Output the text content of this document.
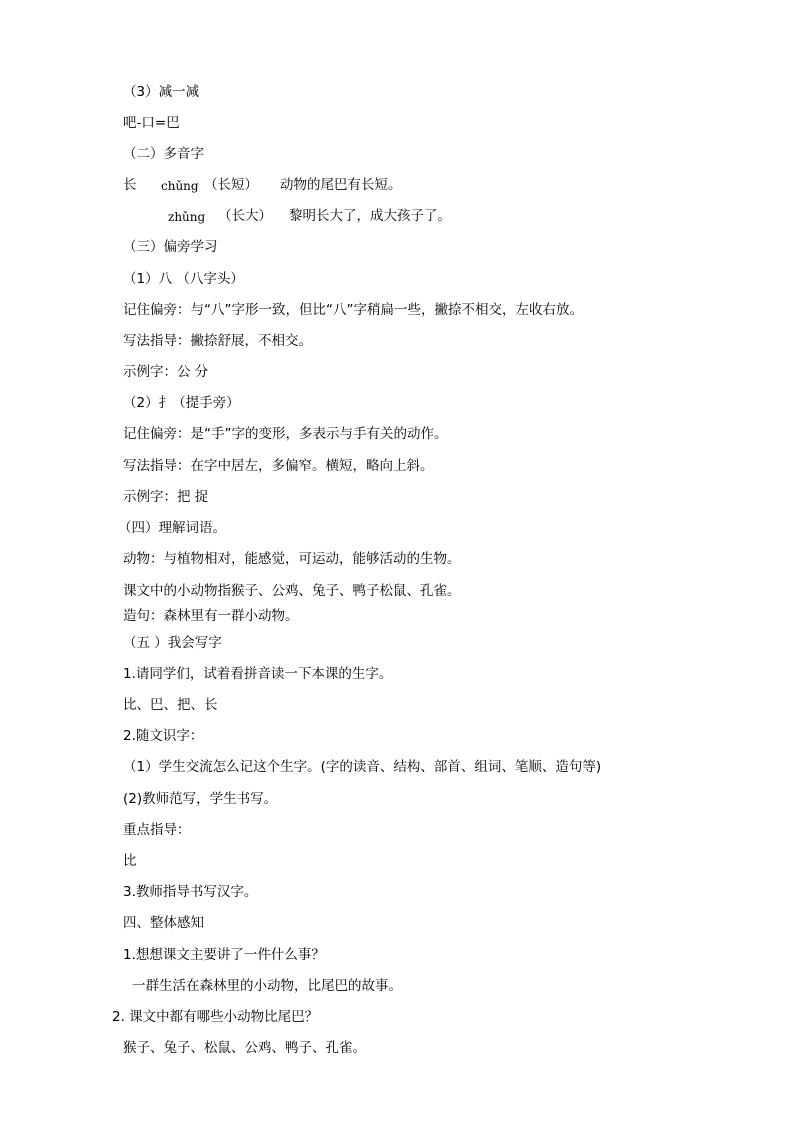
（3）减一减
吧-口=巴
（二）多音字
长 chǔng （长短） 动物的尾巴有长短。
zhǔng （长大） 黎明长大了，成大孩子了。
（三）偏旁学习
（1）八 （八字头）
记住偏旁：与“八”字形一致，但比“八”字稍扁一些，撇捺不相交，左收右放。
写法指导：撇捺舒展，不相交。
示例字：公 分
（2）扌（提手旁）
记住偏旁：是“手”字的变形，多表示与手有关的动作。
写法指导：在字中居左，多偏窄。横短，略向上斜。
示例字：把 捉
（四）理解词语。
动物：与植物相对，能感觉，可运动，能够活动的生物。
课文中的小动物指猴子、公鸡、兔子、鸭子松鼠、孔雀。
造句：森林里有一群小动物。
（五 ）我会写字
1.请同学们，试着看拼音读一下本课的生字。
比、巴、把、长
2.随文识字：
（1）学生交流怎么记这个生字。(字的读音、结构、部首、组词、笔顺、造句等)
(2)教师范写，学生书写。
重点指导：
比
3.教师指导书写汉字。
四、整体感知
1.想想课文主要讲了一件什么事？
一群生活在森林里的小动物，比尾巴的故事。
2. 课文中都有哪些小动物比尾巴？
猴子、兔子、松鼠、公鸡、鸭子、孔雀。
